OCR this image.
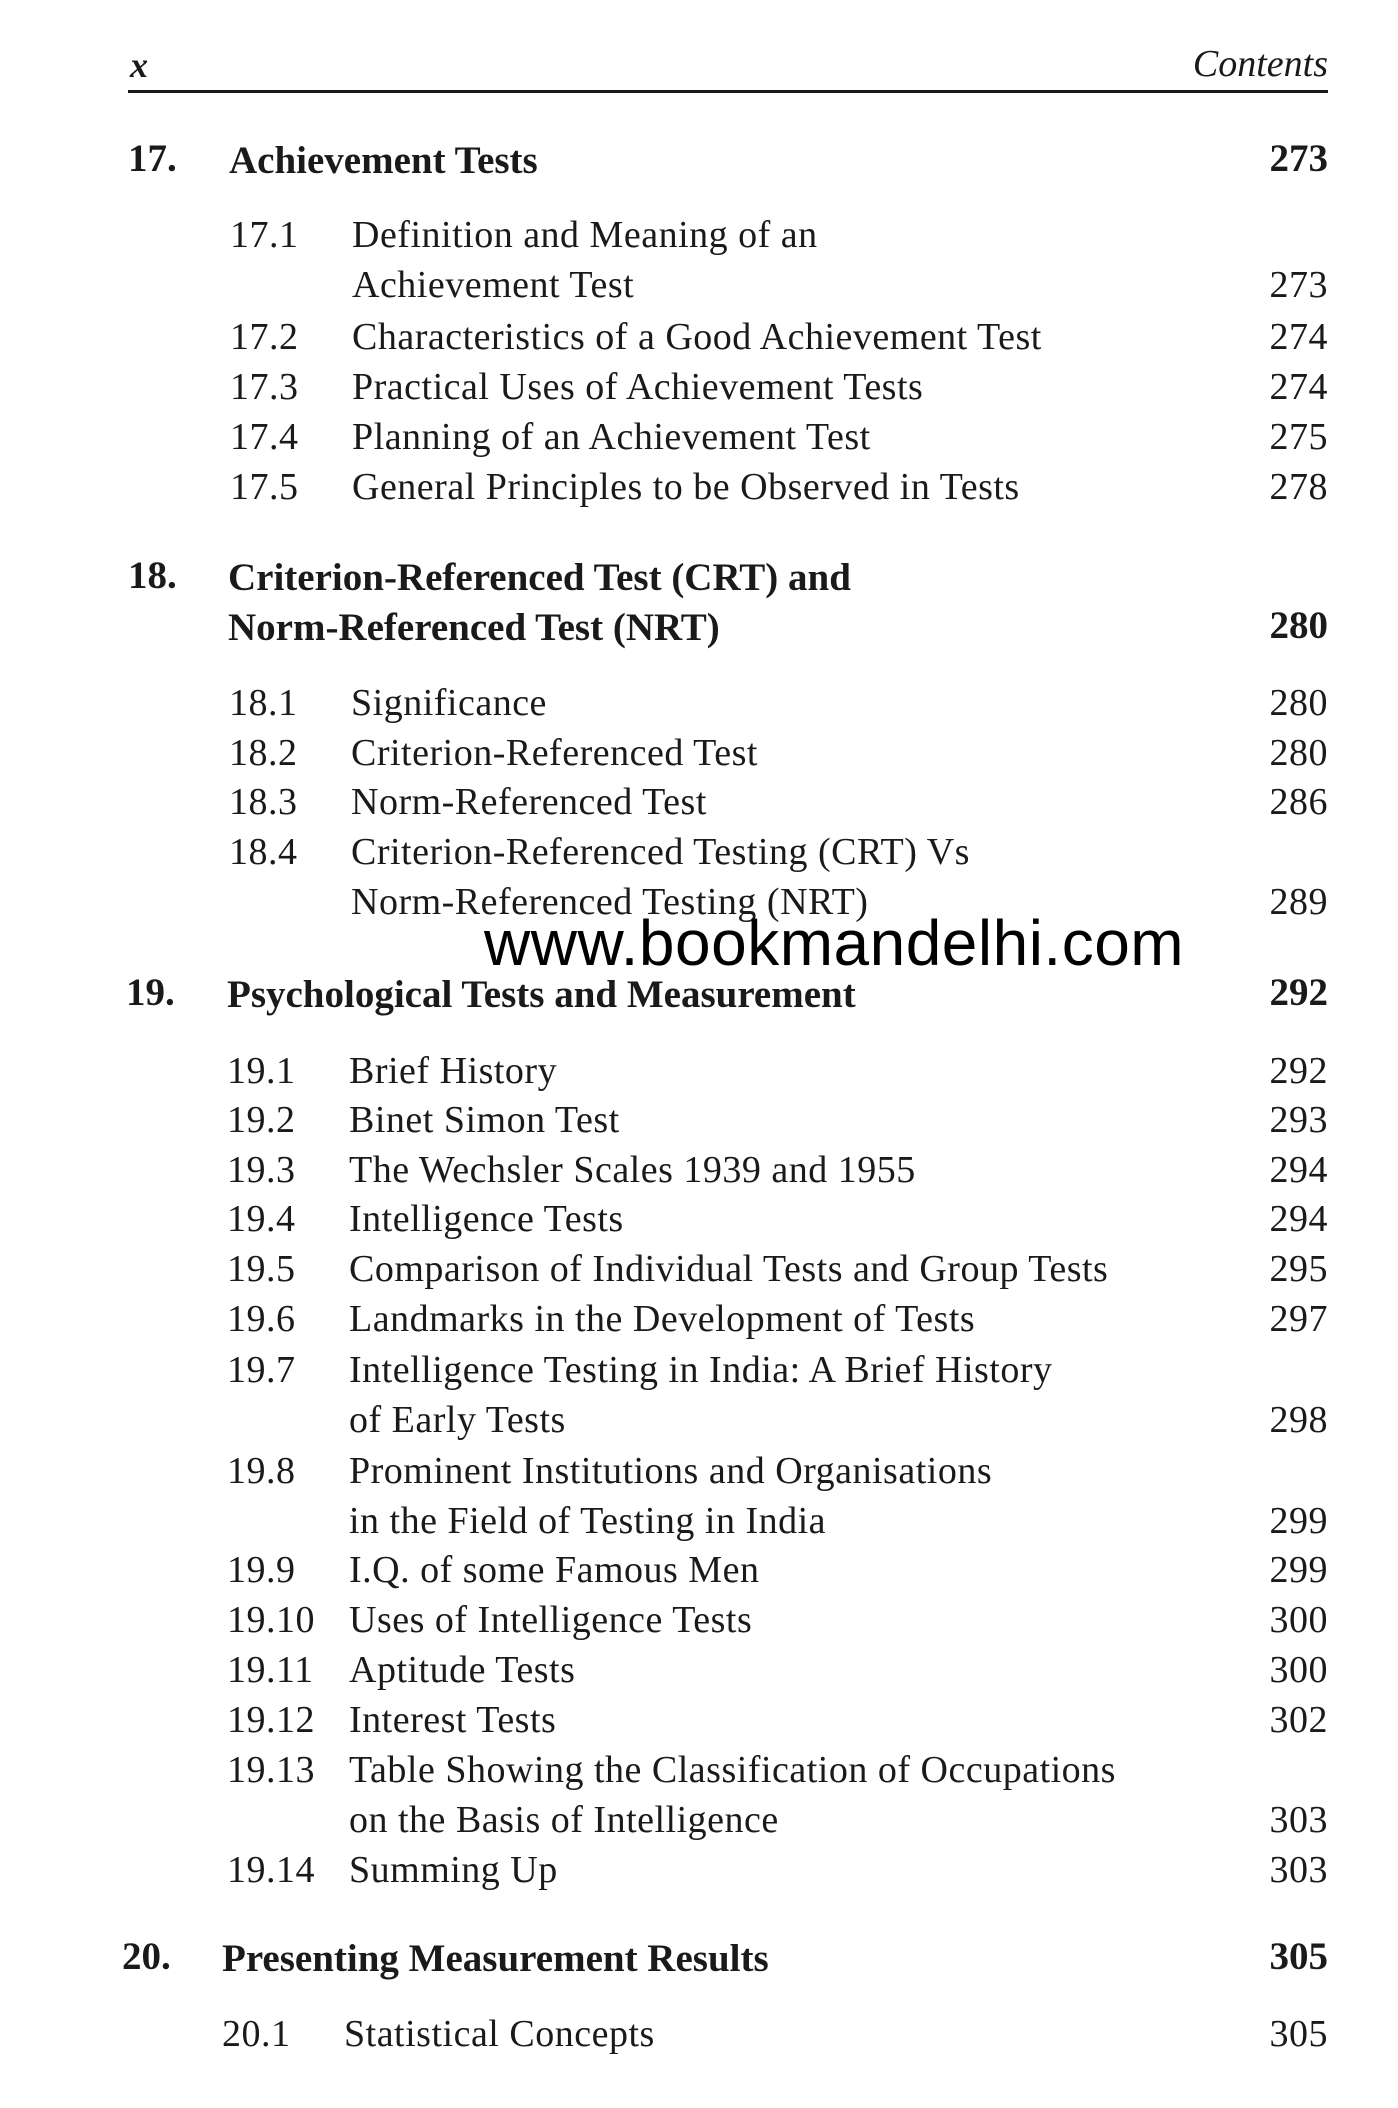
x	Contents
17. Achievement Tests	273
17.1 Definition and Meaning of an
Achievement Test	273
17.2 Characteristics of a Good Achievement Test	274
17.3 Practical Uses of Achievement Tests	274
17.4 Planning of an Achievement Test	275
17.5 General Principles to be Observed in Tests	278
18. Criterion-Referenced Test (CRT) and
Norm-Referenced Test (NRT)	280
18.1 Significance	280
18.2 Criterion-Referenced Test	280
18.3 Norm-Referenced Test	286
18.4 Criterion-Referenced Testing (CRT) Vs
Norm-Referenced Testing (NRT)	289
www.bookmandelhi.com
19. Psychological Tests and Measurement	292
19.1 Brief History	292
19.2 Binet Simon Test	293
19.3 The Wechsler Scales 1939 and 1955	294
19.4 Intelligence Tests	294
19.5 Comparison of Individual Tests and Group Tests	295
19.6 Landmarks in the Development of Tests	297
19.7 Intelligence Testing in India: A Brief History
of Early Tests	298
19.8 Prominent Institutions and Organisations
in the Field of Testing in India	299
19.9 I.Q. of some Famous Men	299
19.10 Uses of Intelligence Tests	300
19.11 Aptitude Tests	300
19.12 Interest Tests	302
19.13 Table Showing the Classification of Occupations
on the Basis of Intelligence	303
19.14 Summing Up	303
20. Presenting Measurement Results	305
20.1 Statistical Concepts	305
